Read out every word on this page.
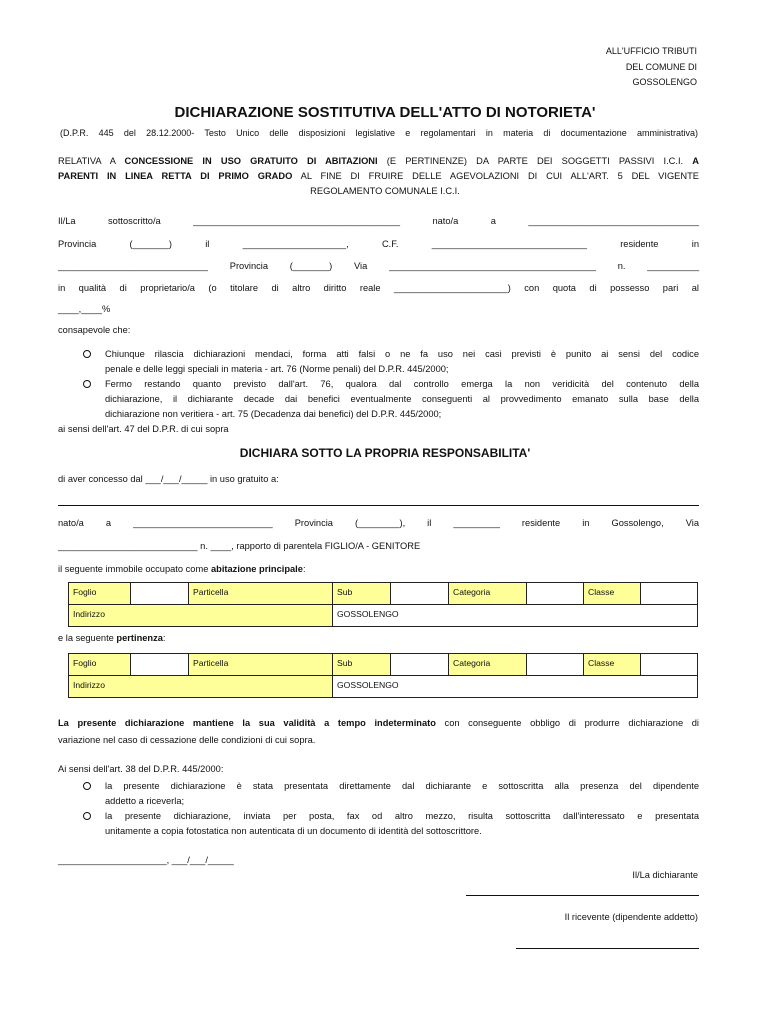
ALL'UFFICIO TRIBUTI
DEL COMUNE DI
GOSSOLENGO
DICHIARAZIONE SOSTITUTIVA DELL'ATTO DI NOTORIETA'
(D.P.R. 445 del 28.12.2000- Testo Unico delle disposizioni legislative e regolamentari in materia di documentazione amministrativa)
RELATIVA A CONCESSIONE IN USO GRATUITO DI ABITAZIONI (E PERTINENZE) DA PARTE DEI SOGGETTI PASSIVI I.C.I. A
PARENTI IN LINEA RETTA DI PRIMO GRADO AL FINE DI FRUIRE DELLE AGEVOLAZIONI DI CUI ALL'ART. 5 DEL VIGENTE
REGOLAMENTO COMUNALE I.C.I.
Il/La sottoscritto/a ________________________________________ nato/a a _________________________________
Provincia (_______) il ____________________, C.F. ______________________________ residente in
_____________________________ Provincia (_______) Via ________________________________________ n. __________
in qualità di proprietario/a (o titolare di altro diritto reale ______________________) con quota di possesso pari al
____,____%
consapevole che:
Chiunque rilascia dichiarazioni mendaci, forma atti falsi o ne fa uso nei casi previsti è punito ai sensi del codice
penale e delle leggi speciali in materia - art. 76 (Norme penali) del D.P.R. 445/2000;
Fermo restando quanto previsto dall'art. 76, qualora dal controllo emerga la non veridicità del contenuto della
dichiarazione, il dichiarante decade dai benefici eventualmente conseguenti al provvedimento emanato sulla base della
dichiarazione non veritiera - art. 75 (Decadenza dai benefici) del D.P.R. 445/2000;
ai sensi dell'art. 47 del D.P.R. di cui sopra
DICHIARA SOTTO LA PROPRIA RESPONSABILITA'
di aver concesso dal ___/___/_____ in uso gratuito a:
nato/a a ___________________________ Provincia (________), il _________ residente in Gossolengo, Via
___________________________ n. ____, rapporto di parentela FIGLIO/A - GENITORE
il seguente immobile occupato come abitazione principale:
Foglio		Particella	Sub		Categoria		Classe	

Indirizzo			GOSSOLENGO					
e la seguente pertinenza:
Foglio		Particella	Sub		Categoria		Classe	

Indirizzo			GOSSOLENGO					
La presente dichiarazione mantiene la sua validità a tempo indeterminato con conseguente obbligo di produrre dichiarazione di
variazione nel caso di cessazione delle condizioni di cui sopra.
Ai sensi dell'art. 38 del D.P.R. 445/2000:
la presente dichiarazione è stata presentata direttamente dal dichiarante e sottoscritta alla presenza del dipendente
addetto a riceverla;
la presente dichiarazione, inviata per posta, fax od altro mezzo, risulta sottoscritta dall'interessato e presentata
unitamente a copia fotostatica non autenticata di un documento di identità del sottoscrittore.
_____________________, ___/___/_____
Il/La dichiarante
Il ricevente (dipendente addetto)
